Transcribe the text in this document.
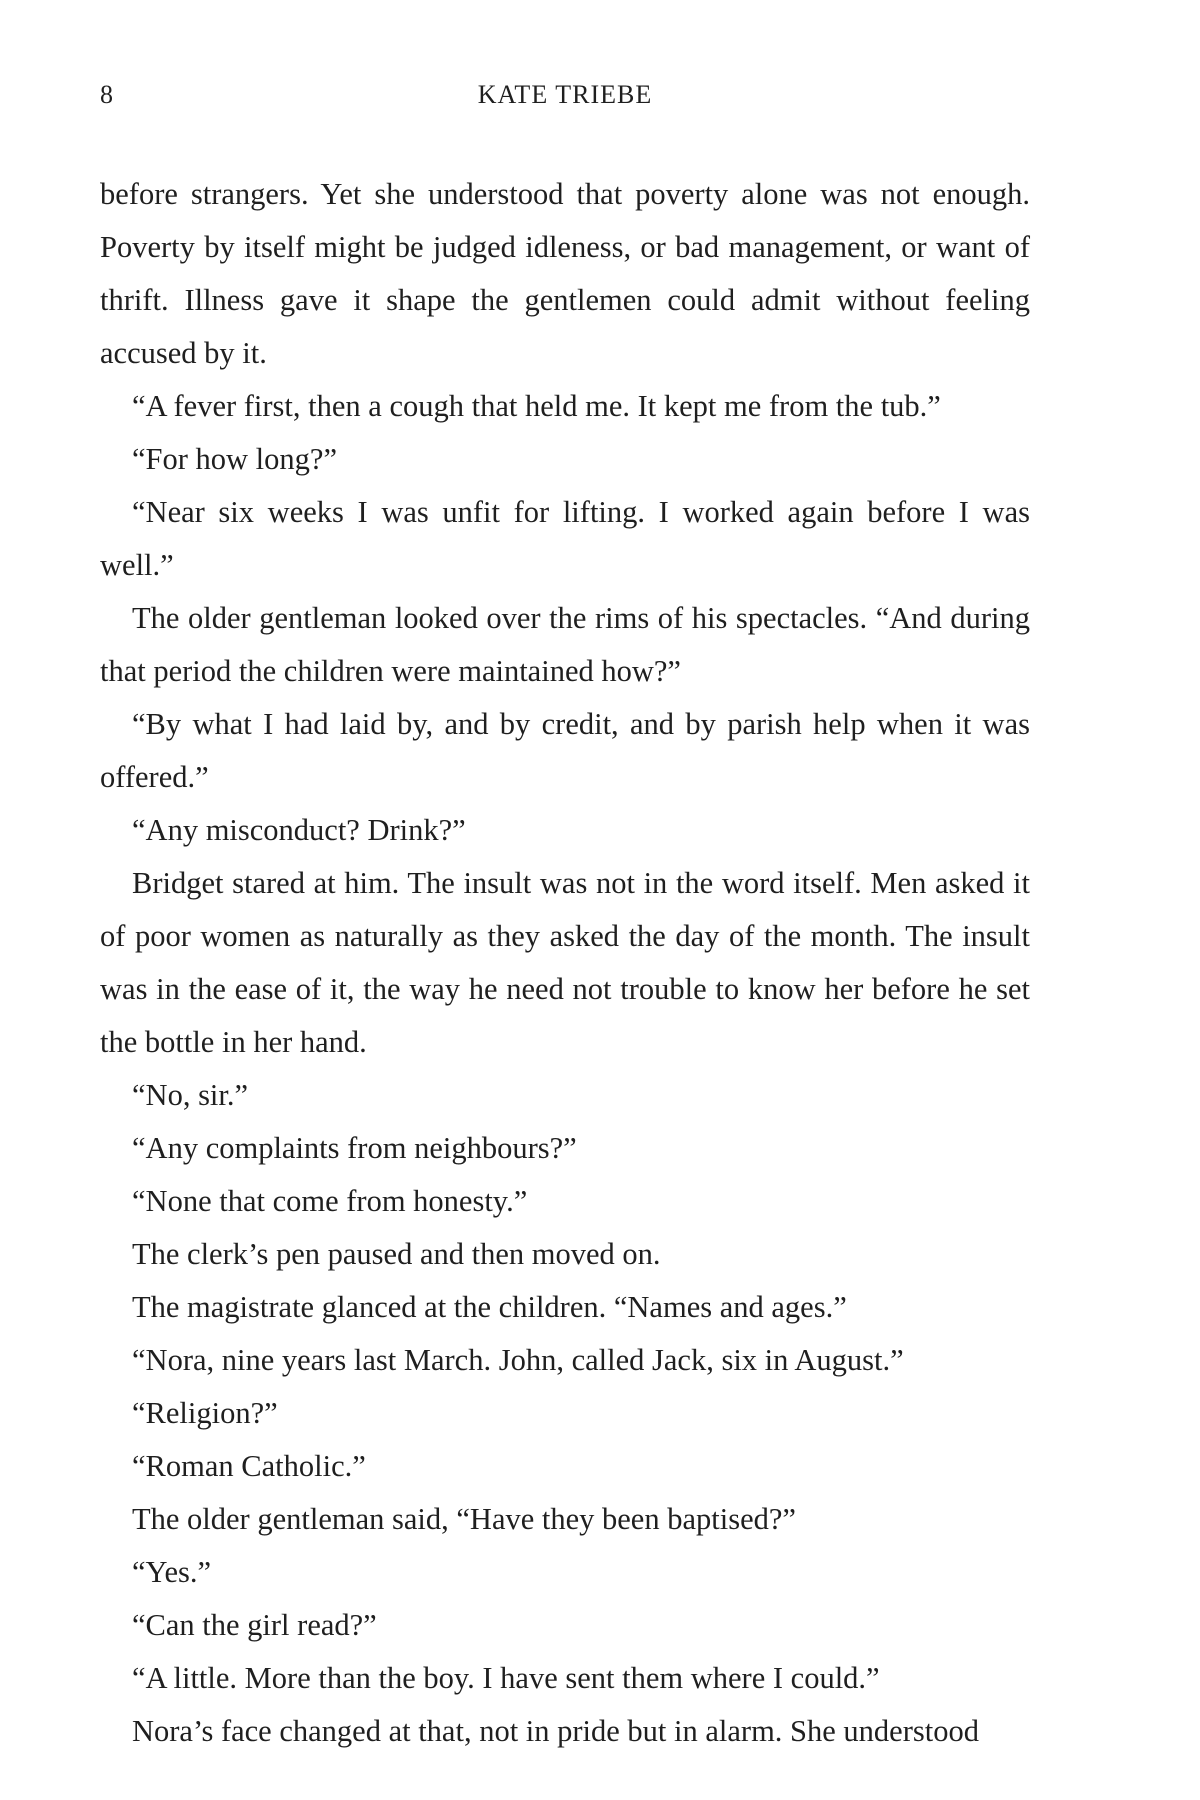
8	KATE TRIEBE

before strangers. Yet she understood that poverty alone was not enough. Poverty by itself might be judged idleness, or bad management, or want of thrift. Illness gave it shape the gentlemen could admit without feeling accused by it.

“A fever first, then a cough that held me. It kept me from the tub.”

“For how long?”

“Near six weeks I was unfit for lifting. I worked again before I was well.”

The older gentleman looked over the rims of his spectacles. “And during that period the children were maintained how?”

“By what I had laid by, and by credit, and by parish help when it was offered.”

“Any misconduct? Drink?”

Bridget stared at him. The insult was not in the word itself. Men asked it of poor women as naturally as they asked the day of the month. The insult was in the ease of it, the way he need not trouble to know her before he set the bottle in her hand.

“No, sir.”

“Any complaints from neighbours?”

“None that come from honesty.”

The clerk’s pen paused and then moved on.

The magistrate glanced at the children. “Names and ages.”

“Nora, nine years last March. John, called Jack, six in August.”

“Religion?”

“Roman Catholic.”

The older gentleman said, “Have they been baptised?”

“Yes.”

“Can the girl read?”

“A little. More than the boy. I have sent them where I could.”

Nora’s face changed at that, not in pride but in alarm. She understood
